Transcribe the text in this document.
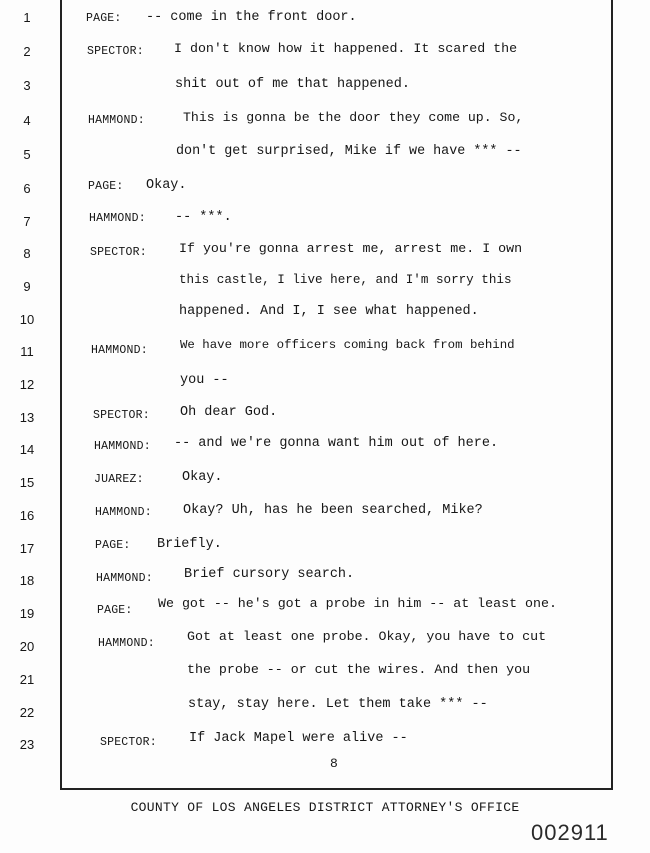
1
2
3
4
5
6
7
8
9
10
11
12
13
14
15
16
17
18
19
20
21
22
23
PAGE:
SPECTOR:
HAMMOND:
PAGE:
HAMMOND:
SPECTOR:
HAMMOND:
SPECTOR:
HAMMOND:
JUAREZ:
HAMMOND:
PAGE:
HAMMOND:
PAGE:
HAMMOND:
SPECTOR:
-- come in the front door.
I don't know how it happened. It scared the
shit out of me that happened.
This is gonna be the door they come up. So,
don't get surprised, Mike if we have *** --
Okay.
-- ***.
If you're gonna arrest me, arrest me. I own
this castle, I live here, and I'm sorry this
happened. And I, I see what happened.
We have more officers coming back from behind
you --
Oh dear God.
-- and we're gonna want him out of here.
Okay.
Okay? Uh, has he been searched, Mike?
Briefly.
Brief cursory search.
We got -- he's got a probe in him -- at least one.
Got at least one probe. Okay, you have to cut
the probe -- or cut the wires. And then you
stay, stay here. Let them take *** --
If Jack Mapel were alive --
8
COUNTY OF LOS ANGELES DISTRICT ATTORNEY'S OFFICE
002911
